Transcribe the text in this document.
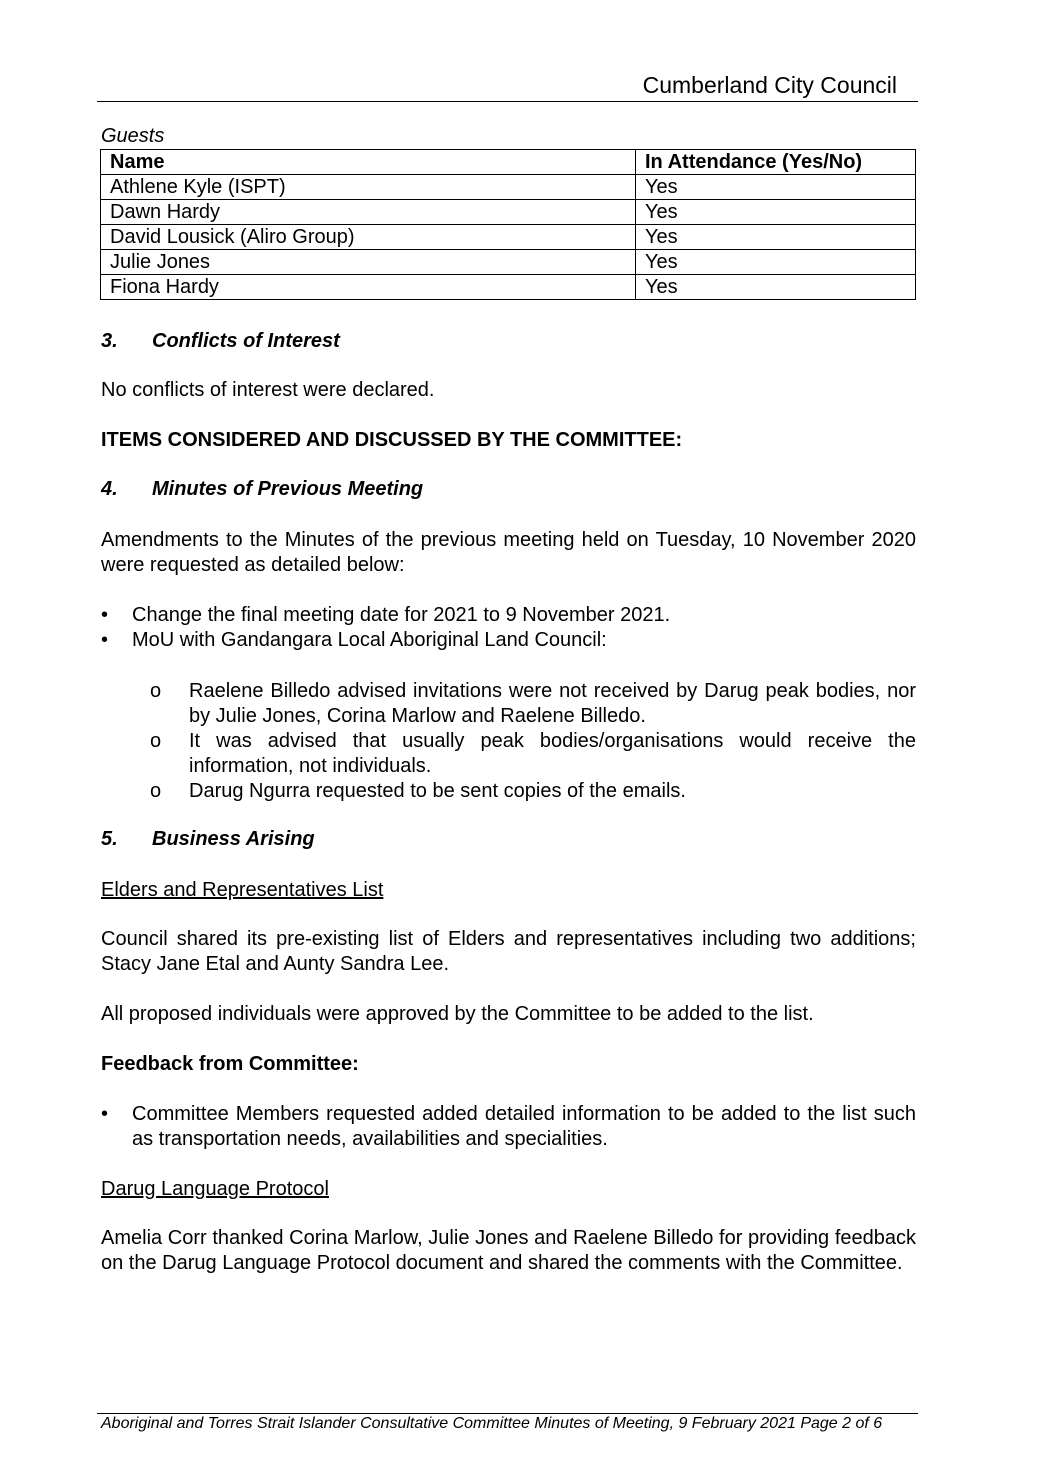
Cumberland City Council
Guests
Name	In Attendance (Yes/No)
Athlene Kyle (ISPT)	Yes
Dawn Hardy	Yes
David Lousick (Aliro Group)	Yes
Julie Jones	Yes
Fiona Hardy	Yes
3. Conflicts of Interest
No conflicts of interest were declared.
ITEMS CONSIDERED AND DISCUSSED BY THE COMMITTEE:
4. Minutes of Previous Meeting
Amendments to the Minutes of the previous meeting held on Tuesday, 10 November 2020 were requested as detailed below:
•	Change the final meeting date for 2021 to 9 November 2021.
•	MoU with Gandangara Local Aboriginal Land Council:
o Raelene Billedo advised invitations were not received by Darug peak bodies, nor by Julie Jones, Corina Marlow and Raelene Billedo.
o It was advised that usually peak bodies/organisations would receive the information, not individuals.
o Darug Ngurra requested to be sent copies of the emails.
5. Business Arising
Elders and Representatives List
Council shared its pre-existing list of Elders and representatives including two additions; Stacy Jane Etal and Aunty Sandra Lee.
All proposed individuals were approved by the Committee to be added to the list.
Feedback from Committee:
•	Committee Members requested added detailed information to be added to the list such as transportation needs, availabilities and specialities.
Darug Language Protocol
Amelia Corr thanked Corina Marlow, Julie Jones and Raelene Billedo for providing feedback on the Darug Language Protocol document and shared the comments with the Committee.
Aboriginal and Torres Strait Islander Consultative Committee Minutes of Meeting, 9 February 2021 Page 2 of 6
